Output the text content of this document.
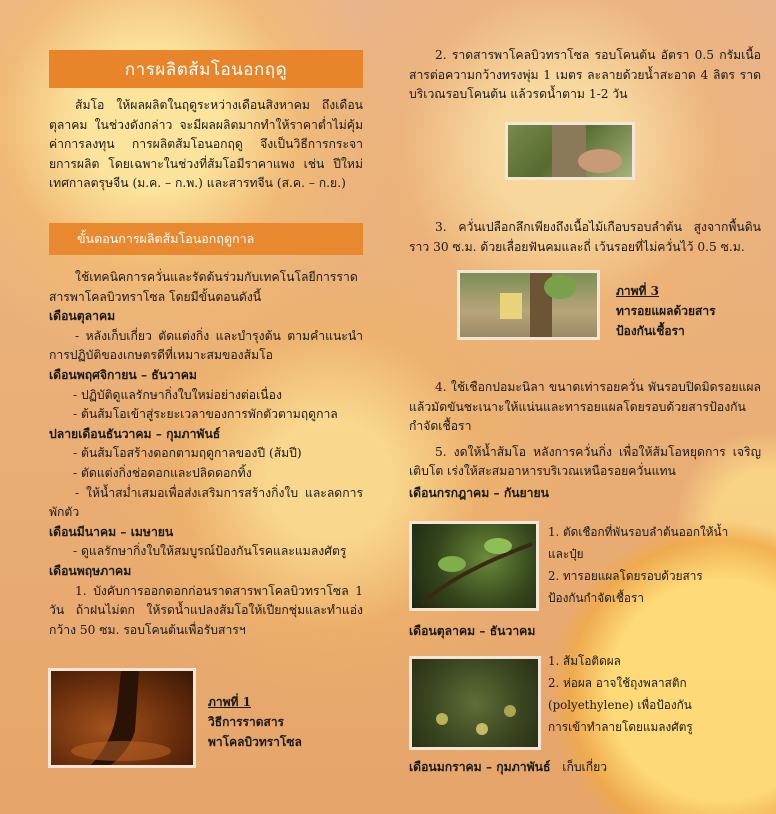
การผลิตส้มโอนอกฤดู

ส้มโอ ให้ผลผลิตในฤดูระหว่างเดือนสิงหาคม ถึงเดือนตุลาคม ในช่วงดังกล่าว จะมีผลผลิตมากทำให้ราคาต่ำไม่คุ้มค่าการลงทุน การผลิตส้มโอนอกฤดู จึงเป็นวิธีการกระจายการผลิต โดยเฉพาะในช่วงที่ส้มโอมีราคาแพง เช่น ปีใหม่ เทศกาลตรุษจีน (ม.ค. – ก.พ.) และสารทจีน (ส.ค. – ก.ย.)

ขั้นตอนการผลิตส้มโอนอกฤดูกาล

ใช้เทคนิคการควั่นและรัดต้นร่วมกับเทคโนโลยีการราดสารพาโคลบิวทราโซล โดยมีขั้นตอนดังนี้

เดือนตุลาคม

- หลังเก็บเกี่ยว ตัดแต่งกิ่ง และบำรุงต้น ตามคำแนะนำการปฏิบัติของเกษตรดีที่เหมาะสมของส้มโอ

เดือนพฤศจิกายน – ธันวาคม

- ปฏิบัติดูแลรักษากิ่งใบใหม่อย่างต่อเนื่อง

- ต้นส้มโอเข้าสู่ระยะเวลาของการพักตัวตามฤดูกาล

ปลายเดือนธันวาคม – กุมภาพันธ์

- ต้นส้มโอสร้างดอกตามฤดูกาลของปี (ส้มปี)

- ตัดแต่งกิ่งช่อดอกและปลิดดอกทิ้ง

- ให้น้ำสม่ำเสมอเพื่อส่งเสริมการสร้างกิ่งใบ และลดการพักตัว

เดือนมีนาคม – เมษายน

- ดูแลรักษากิ่งใบให้สมบูรณ์ป้องกันโรคและแมลงศัตรู

เดือนพฤษภาคม

1. บังคับการออกดอกก่อนราดสารพาโคลบิวทราโซล 1 วัน ถ้าฝนไม่ตก ให้รดน้ำแปลงส้มโอให้เปียกชุ่มและทำแอ่งกว้าง 50 ซม. รอบโคนต้นเพื่อรับสารฯ

ภาพที่ 1
วิธีการราดสาร
พาโคลบิวทราโซล

2. ราดสารพาโคลบิวทราโซล รอบโคนต้น อัตรา 0.5 กรัมเนื้อสารต่อความกว้างทรงพุ่ม 1 เมตร ละลายด้วยน้ำสะอาด 4 ลิตร ราดบริเวณรอบโคนต้น แล้วรดน้ำตาม 1-2 วัน

3. ควั่นเปลือกลึกเพียงถึงเนื้อไม้เกือบรอบลำต้น สูงจากพื้นดินราว 30 ซ.ม. ด้วยเลื่อยฟันคมและถี่ เว้นรอยที่ไม่ควั่นไว้ 0.5 ซ.ม.

ภาพที่ 3
ทารอยแผลด้วยสาร
ป้องกันเชื้อรา

4. ใช้เชือกปอมะนิลา ขนาดเท่ารอยควั่น พันรอบปิดมิดรอยแผลแล้วมัดขันชะเนาะให้แน่นและทารอยแผลโดยรอบด้วยสารป้องกันกำจัดเชื้อรา

5. งดให้น้ำส้มโอ หลังการควั่นกิ่ง เพื่อให้ส้มโอหยุดการ เจริญเติบโต เร่งให้สะสมอาหารบริเวณเหนือรอยควั่นแทน

เดือนกรกฎาคม – กันยายน

1. ตัดเชือกที่พันรอบลำต้นออกให้น้ำ
และปุ๋ย
2. ทารอยแผลโดยรอบด้วยสาร
ป้องกันกำจัดเชื้อรา

เดือนตุลาคม – ธันวาคม

1. ส้มโอติดผล
2. ห่อผล อาจใช้ถุงพลาสติก
(polyethylene) เพื่อป้องกัน
การเข้าทำลายโดยแมลงศัตรู
เดือนมกราคม – กุมภาพันธ์ เก็บเกี่ยว
